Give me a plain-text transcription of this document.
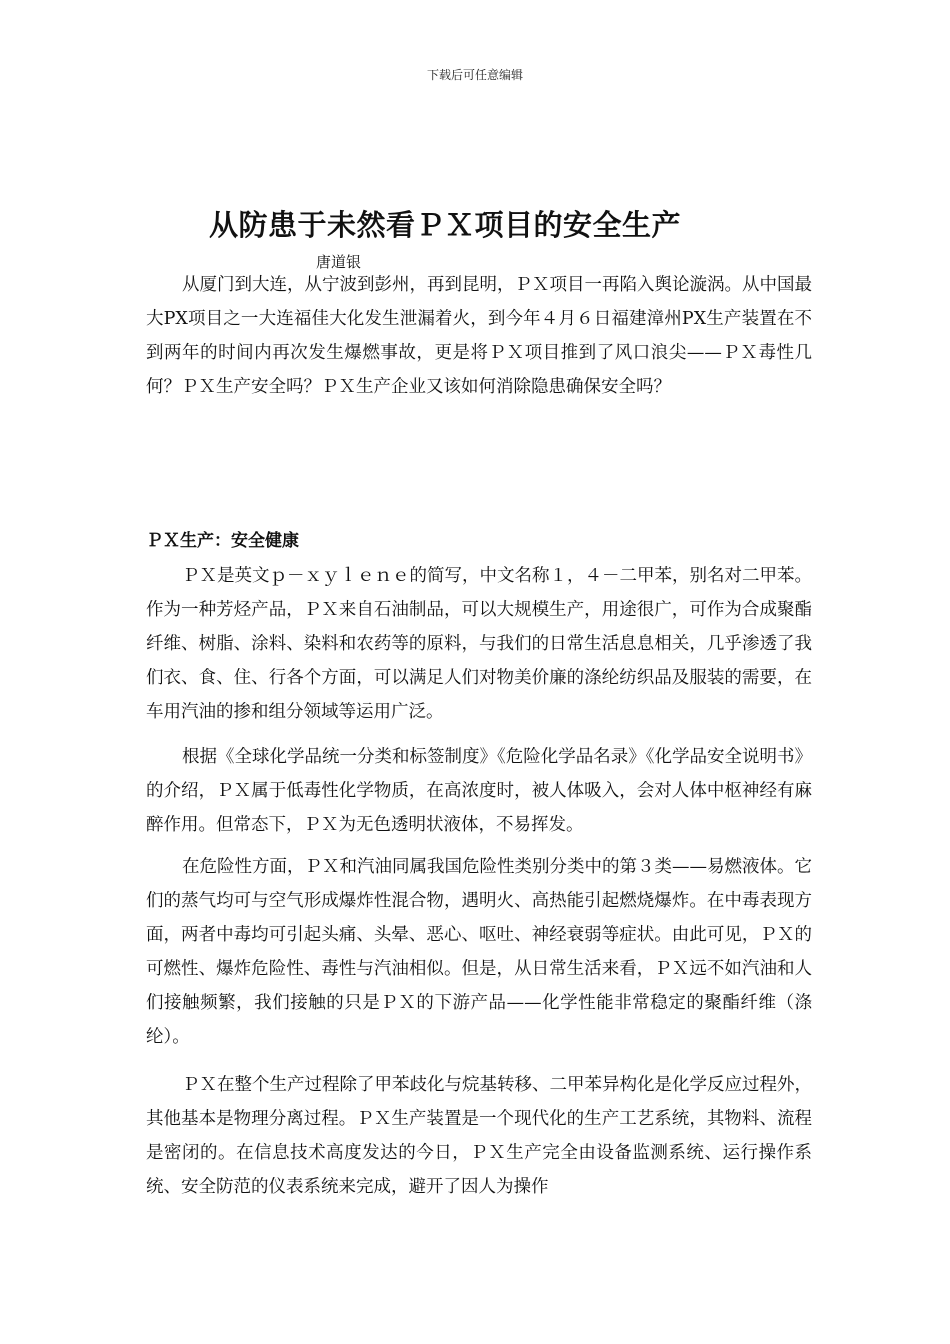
下载后可任意编辑
从防患于未然看ＰＸ项目的安全生产
唐道银

从厦门到大连，从宁波到彭州，再到昆明，ＰＸ项目一再陷入舆论漩涡。从中国最大PX项目之一大连福佳大化发生泄漏着火，到今年４月６日福建漳州PX生产装置在不到两年的时间内再次发生爆燃事故，更是将ＰＸ项目推到了风口浪尖——ＰＸ毒性几何？ＰＸ生产安全吗？ＰＸ生产企业又该如何消除隐患确保安全吗？

ＰＸ生产：安全健康

ＰＸ是英文ｐ－ｘｙｌｅｎｅ的简写，中文名称１，４－二甲苯，别名对二甲苯。作为一种芳烃产品，ＰＸ来自石油制品，可以大规模生产，用途很广，可作为合成聚酯纤维、树脂、涂料、染料和农药等的原料，与我们的日常生活息息相关，几乎渗透了我们衣、食、住、行各个方面，可以满足人们对物美价廉的涤纶纺织品及服装的需要，在车用汽油的掺和组分领域等运用广泛。

根据《全球化学品统一分类和标签制度》《危险化学品名录》《化学品安全说明书》的介绍，ＰＸ属于低毒性化学物质，在高浓度时，被人体吸入，会对人体中枢神经有麻醉作用。但常态下，ＰＸ为无色透明状液体，不易挥发。

在危险性方面，ＰＸ和汽油同属我国危险性类别分类中的第３类——易燃液体。它们的蒸气均可与空气形成爆炸性混合物，遇明火、高热能引起燃烧爆炸。在中毒表现方面，两者中毒均可引起头痛、头晕、恶心、呕吐、神经衰弱等症状。由此可见，ＰＸ的可燃性、爆炸危险性、毒性与汽油相似。但是，从日常生活来看，ＰＸ远不如汽油和人们接触频繁，我们接触的只是ＰＸ的下游产品——化学性能非常稳定的聚酯纤维（涤纶）。

ＰＸ在整个生产过程除了甲苯歧化与烷基转移、二甲苯异构化是化学反应过程外，其他基本是物理分离过程。ＰＸ生产装置是一个现代化的生产工艺系统，其物料、流程是密闭的。在信息技术高度发达的今日，ＰＸ生产完全由设备监测系统、运行操作系统、安全防范的仪表系统来完成，避开了因人为操作
